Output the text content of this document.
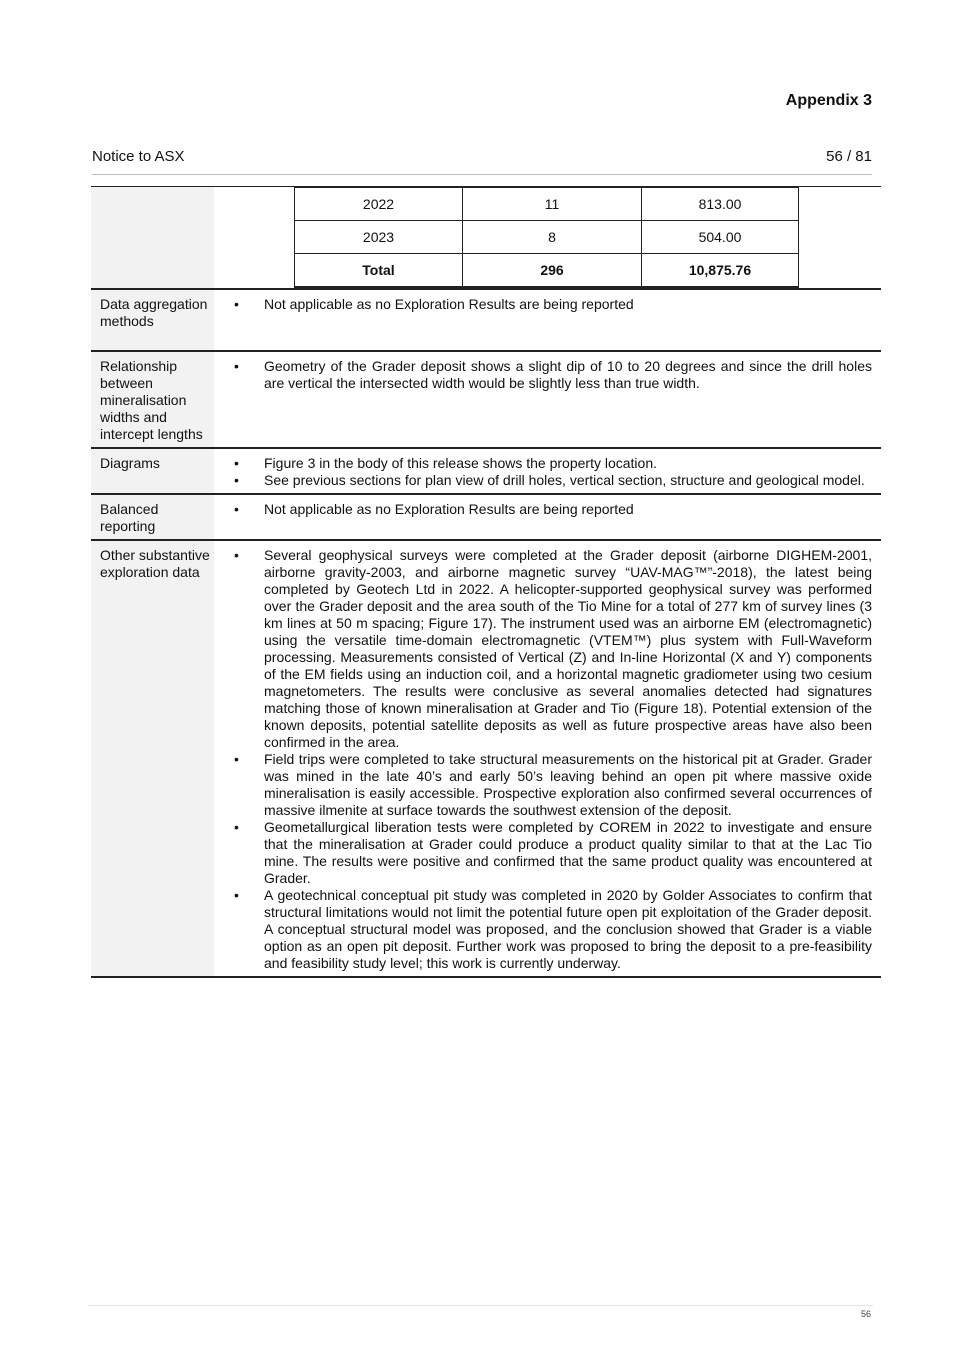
Appendix 3
Notice to ASX	56 / 81

2022	11	813.00
2023	8	504.00
Total	296	10,875.76

Data aggregation methods	
• Not applicable as no Exploration Results are being reported

Relationship between mineralisation widths and intercept lengths	
• Geometry of the Grader deposit shows a slight dip of 10 to 20 degrees and since the drill holes are vertical the intersected width would be slightly less than true width.

Diagrams	
•Figure 3 in the body of this release shows the property location.
• See previous sections for plan view of drill holes, vertical section, structure and geological model.

Balanced reporting	
• Not applicable as no Exploration Results are being reported

Other substantive exploration data	
• Several geophysical surveys were completed at the Grader deposit (airborne DIGHEM-2001, airborne gravity-2003, and airborne magnetic survey “UAV-MAG™”-2018), the latest being completed by Geotech Ltd in 2022. A helicopter-supported geophysical survey was performed over the Grader deposit and the area south of the Tio Mine for a total of 277 km of survey lines (3 km lines at 50 m spacing; Figure 17). The instrument used was an airborne EM (electromagnetic) using the versatile time-domain electromagnetic (VTEM™) plus system with Full-Waveform processing. Measurements consisted of Vertical (Z) and In-line Horizontal (X and Y) components of the EM fields using an induction coil, and a horizontal magnetic gradiometer using two cesium magnetometers. The results were conclusive as several anomalies detected had signatures matching those of known mineralisation at Grader and Tio (Figure 18). Potential extension of the known deposits, potential satellite deposits as well as future prospective areas have also been confirmed in the area.
• Field trips were completed to take structural measurements on the historical pit at Grader. Grader was mined in the late 40’s and early 50’s leaving behind an open pit where massive oxide mineralisation is easily accessible. Prospective exploration also confirmed several occurrences of massive ilmenite at surface towards the southwest extension of the deposit.
• Geometallurgical liberation tests were completed by COREM in 2022 to investigate and ensure that the mineralisation at Grader could produce a product quality similar to that at the Lac Tio mine. The results were positive and confirmed that the same product quality was encountered at Grader.
• A geotechnical conceptual pit study was completed in 2020 by Golder Associates to confirm that structural limitations would not limit the potential future open pit exploitation of the Grader deposit. A conceptual structural model was proposed, and the conclusion showed that Grader is a viable option as an open pit deposit. Further work was proposed to bring the deposit to a pre-feasibility and feasibility study level; this work is currently underway.
56
